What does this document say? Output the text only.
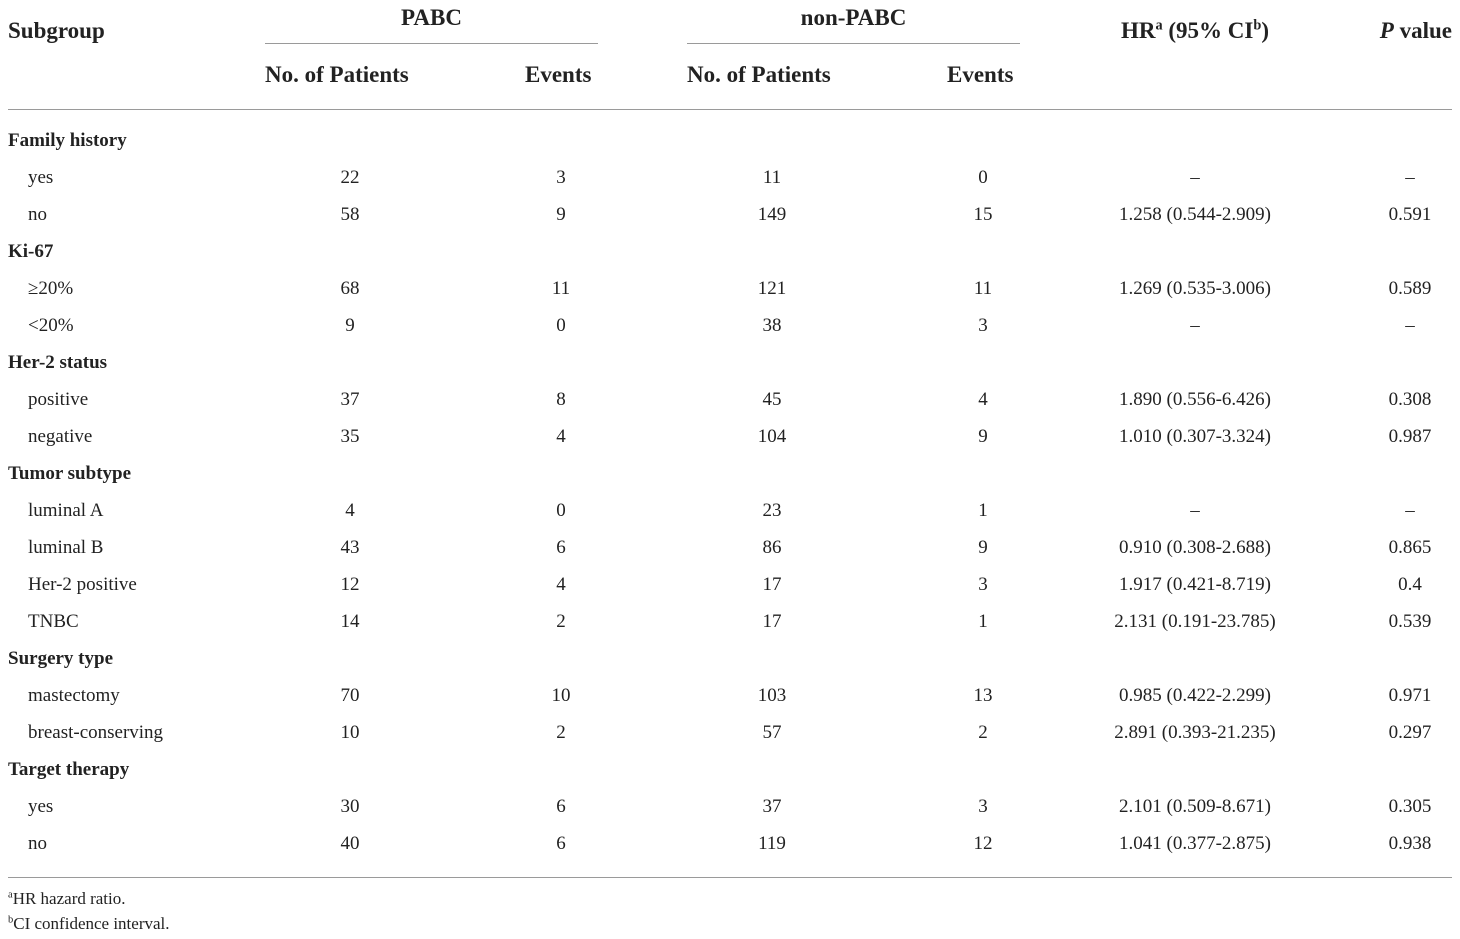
Subgroup
PABC	non-PABC
No. of Patients	Events	No. of Patients	Events
$HR^a$ (95% $CI^b$)	P value
Family history
yes	22	3	11	0	–	–
no	58	9	149	15	1.258 (0.544-2.909)	0.591
Ki-67
≥20%	68	11	121	11	1.269 (0.535-3.006)	0.589
<20%	9	0	38	3	–	–
Her-2 status
positive	37	8	45	4	1.890 (0.556-6.426)	0.308
negative	35	4	104	9	1.010 (0.307-3.324)	0.987
Tumor subtype
luminal A	4	0	23	1	–	–
luminal B	43	6	86	9	0.910 (0.308-2.688)	0.865
Her-2 positive	12	4	17	3	1.917 (0.421-8.719)	0.4
TNBC	14	2	17	1	2.131 (0.191-23.785)	0.539
Surgery type
mastectomy	70	10	103	13	0.985 (0.422-2.299)	0.971
breast-conserving	10	2	57	2	2.891 (0.393-21.235)	0.297
Target therapy
yes	30	6	37	3	2.101 (0.509-8.671)	0.305
no	40	6	119	12	1.041 (0.377-2.875)	0.938
$^a$HR hazard ratio.
$^b$CI confidence interval.
